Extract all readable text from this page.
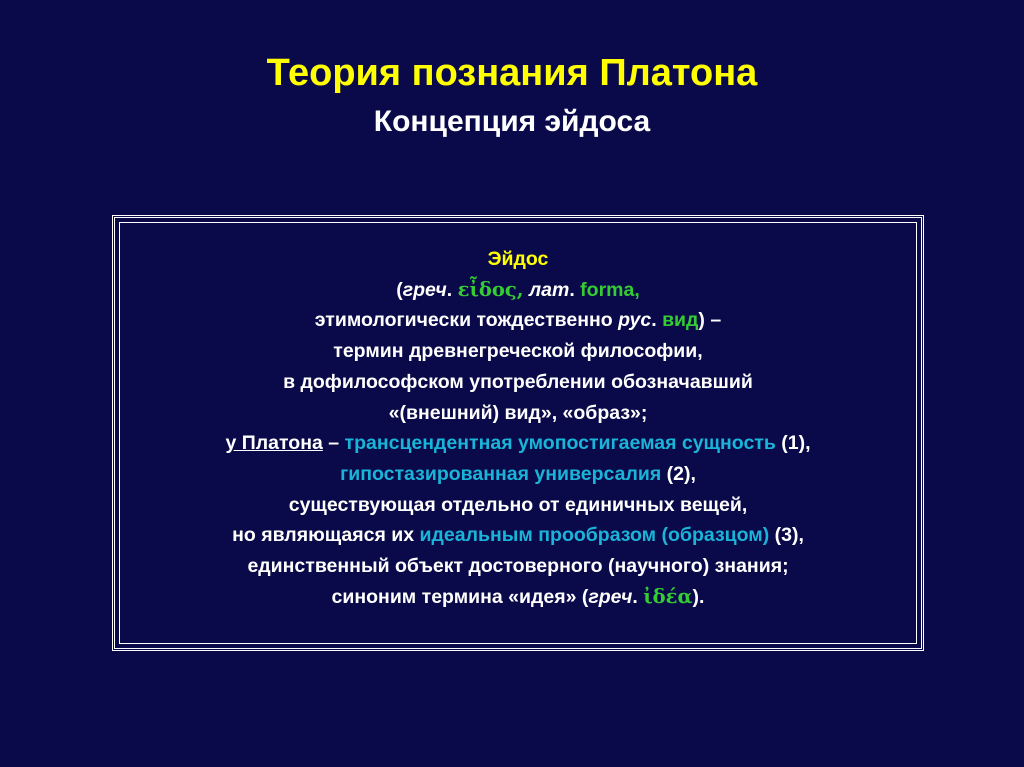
Теория познания Платона
Концепция эйдоса
Эйдос
(греч. εἶδος, лат. forma,
этимологически тождественно рус. вид) –
термин древнегреческой философии,
в дофилософском употреблении обозначавший
«(внешний) вид», «образ»;
у Платона – трансцендентная умопостигаемая сущность (1),
гипостазированная универсалия (2),
существующая отдельно от единичных вещей,
но являющаяся их идеальным прообразом (образцом) (3),
единственный объект достоверного (научного) знания;
синоним термина «идея» (греч. ἰδέα).
